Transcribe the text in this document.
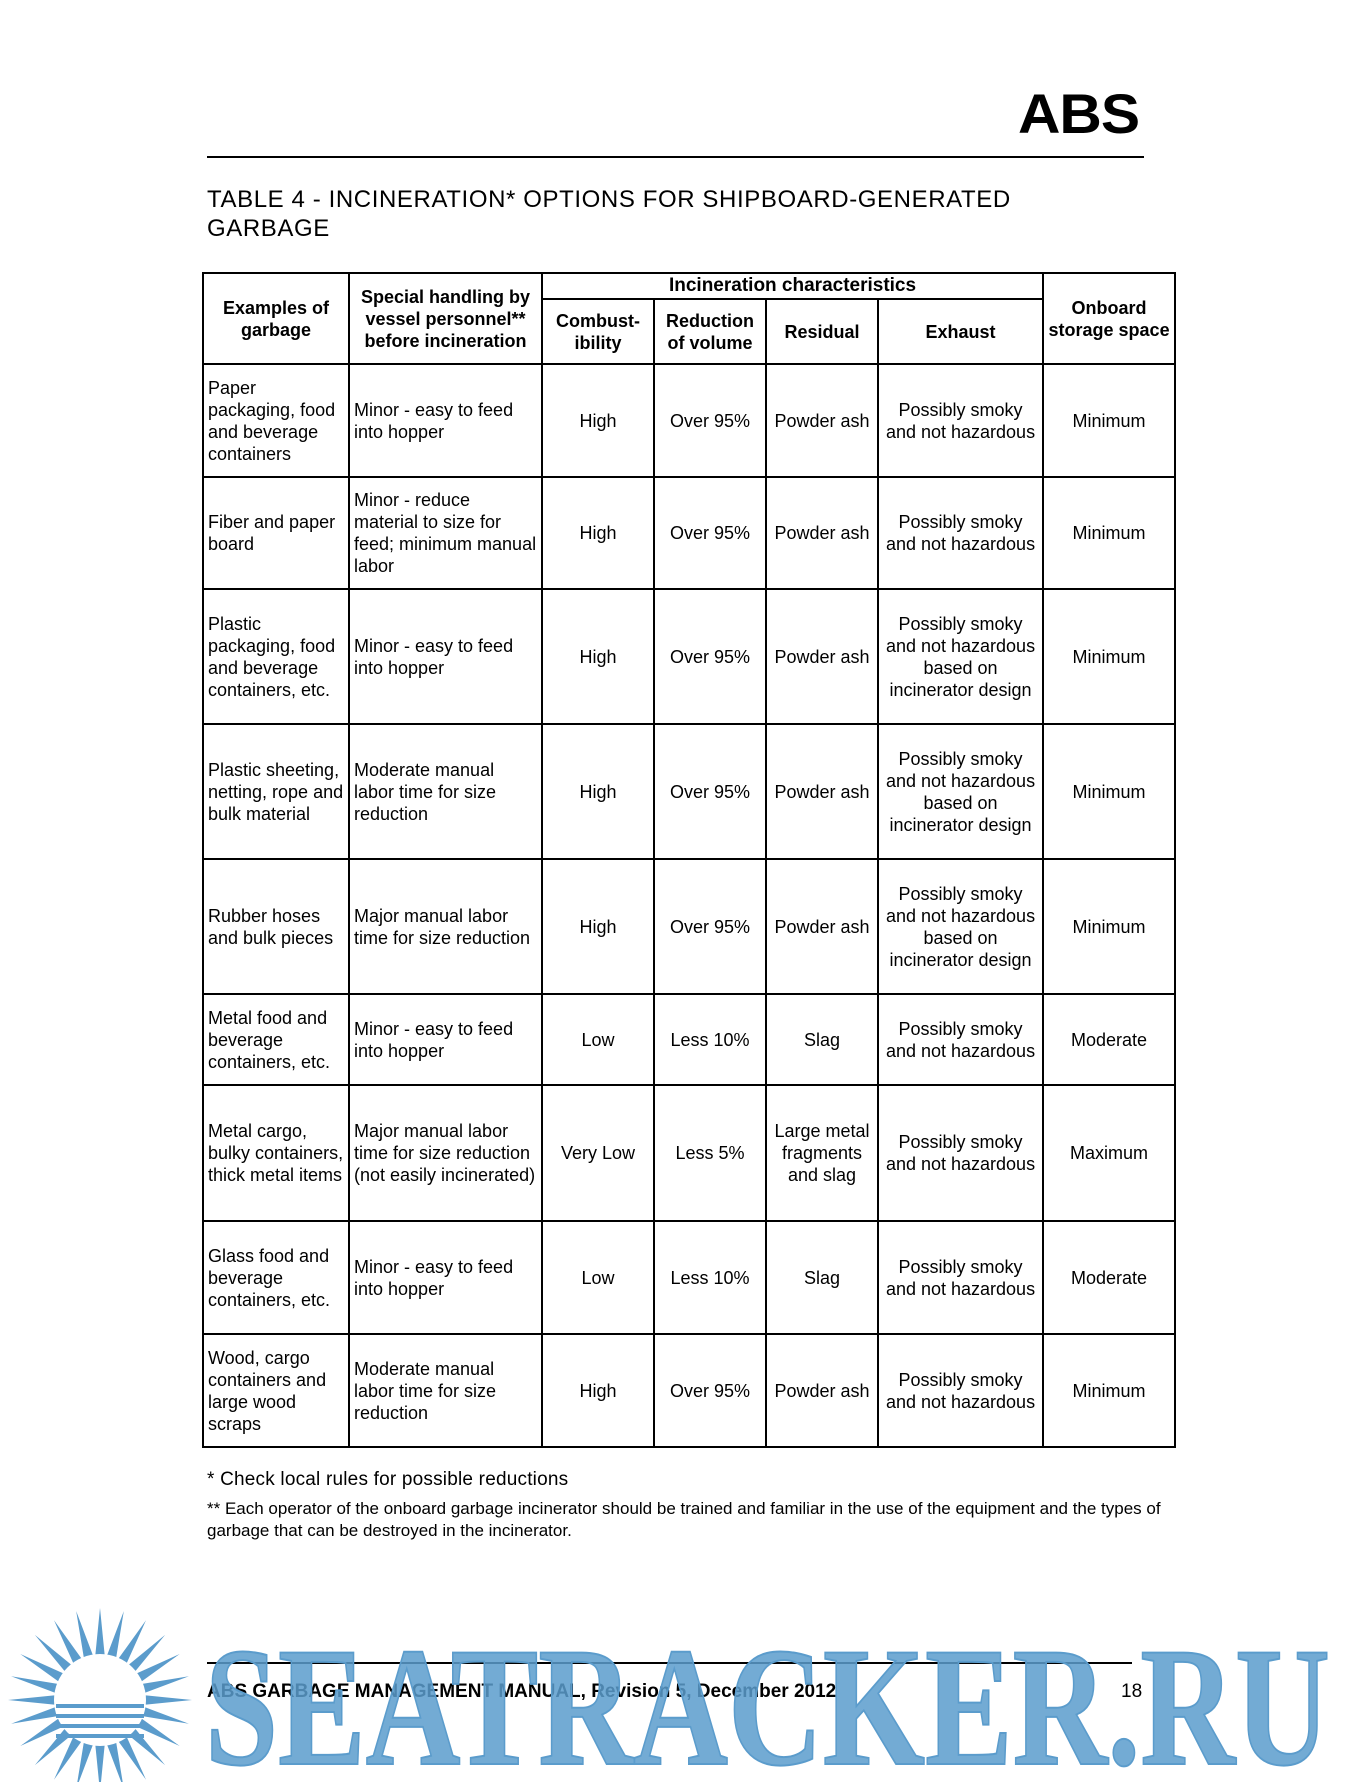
ABS
TABLE 4 - INCINERATION* OPTIONS FOR SHIPBOARD-GENERATED GARBAGE
Examples of garbage	Special handling by vessel personnel** before incineration	Incineration characteristics				Onboard storage space
		Combust-ibility	Reduction of volume	Residual	Exhaust	
Paper packaging, food and beverage containers	Minor - easy to feed into hopper	High	Over 95%	Powder ash	Possibly smoky and not hazardous	Minimum
Fiber and paper board	Minor - reduce material to size for feed; minimum manual labor	High	Over 95%	Powder ash	Possibly smoky and not hazardous	Minimum
Plastic packaging, food and beverage containers, etc.	Minor - easy to feed into hopper	High	Over 95%	Powder ash	Possibly smoky and not hazardous based on incinerator design	Minimum
Plastic sheeting, netting, rope and bulk material	Moderate manual labor time for size reduction	High	Over 95%	Powder ash	Possibly smoky and not hazardous based on incinerator design	Minimum
Rubber hoses and bulk pieces	Major manual labor time for size reduction	High	Over 95%	Powder ash	Possibly smoky and not hazardous based on incinerator design	Minimum
Metal food and beverage containers, etc.	Minor - easy to feed into hopper	Low	Less 10%	Slag	Possibly smoky and not hazardous	Moderate
Metal cargo, bulky containers, thick metal items	Major manual labor time for size reduction (not easily incinerated)	Very Low	Less 5%	Large metal fragments and slag	Possibly smoky and not hazardous	Maximum
Glass food and beverage containers, etc.	Minor - easy to feed into hopper	Low	Less 10%	Slag	Possibly smoky and not hazardous	Moderate
Wood, cargo containers and large wood scraps	Moderate manual labor time for size reduction	High	Over 95%	Powder ash	Possibly smoky and not hazardous	Minimum

* Check local rules for possible reductions

** Each operator of the onboard garbage incinerator should be trained and familiar in the use of the equipment and the types of garbage that can be destroyed in the incinerator.

ABS GARBAGE MANAGEMENT MANUAL, Revision 5, December 2012	18
SEATRACKER.RU
